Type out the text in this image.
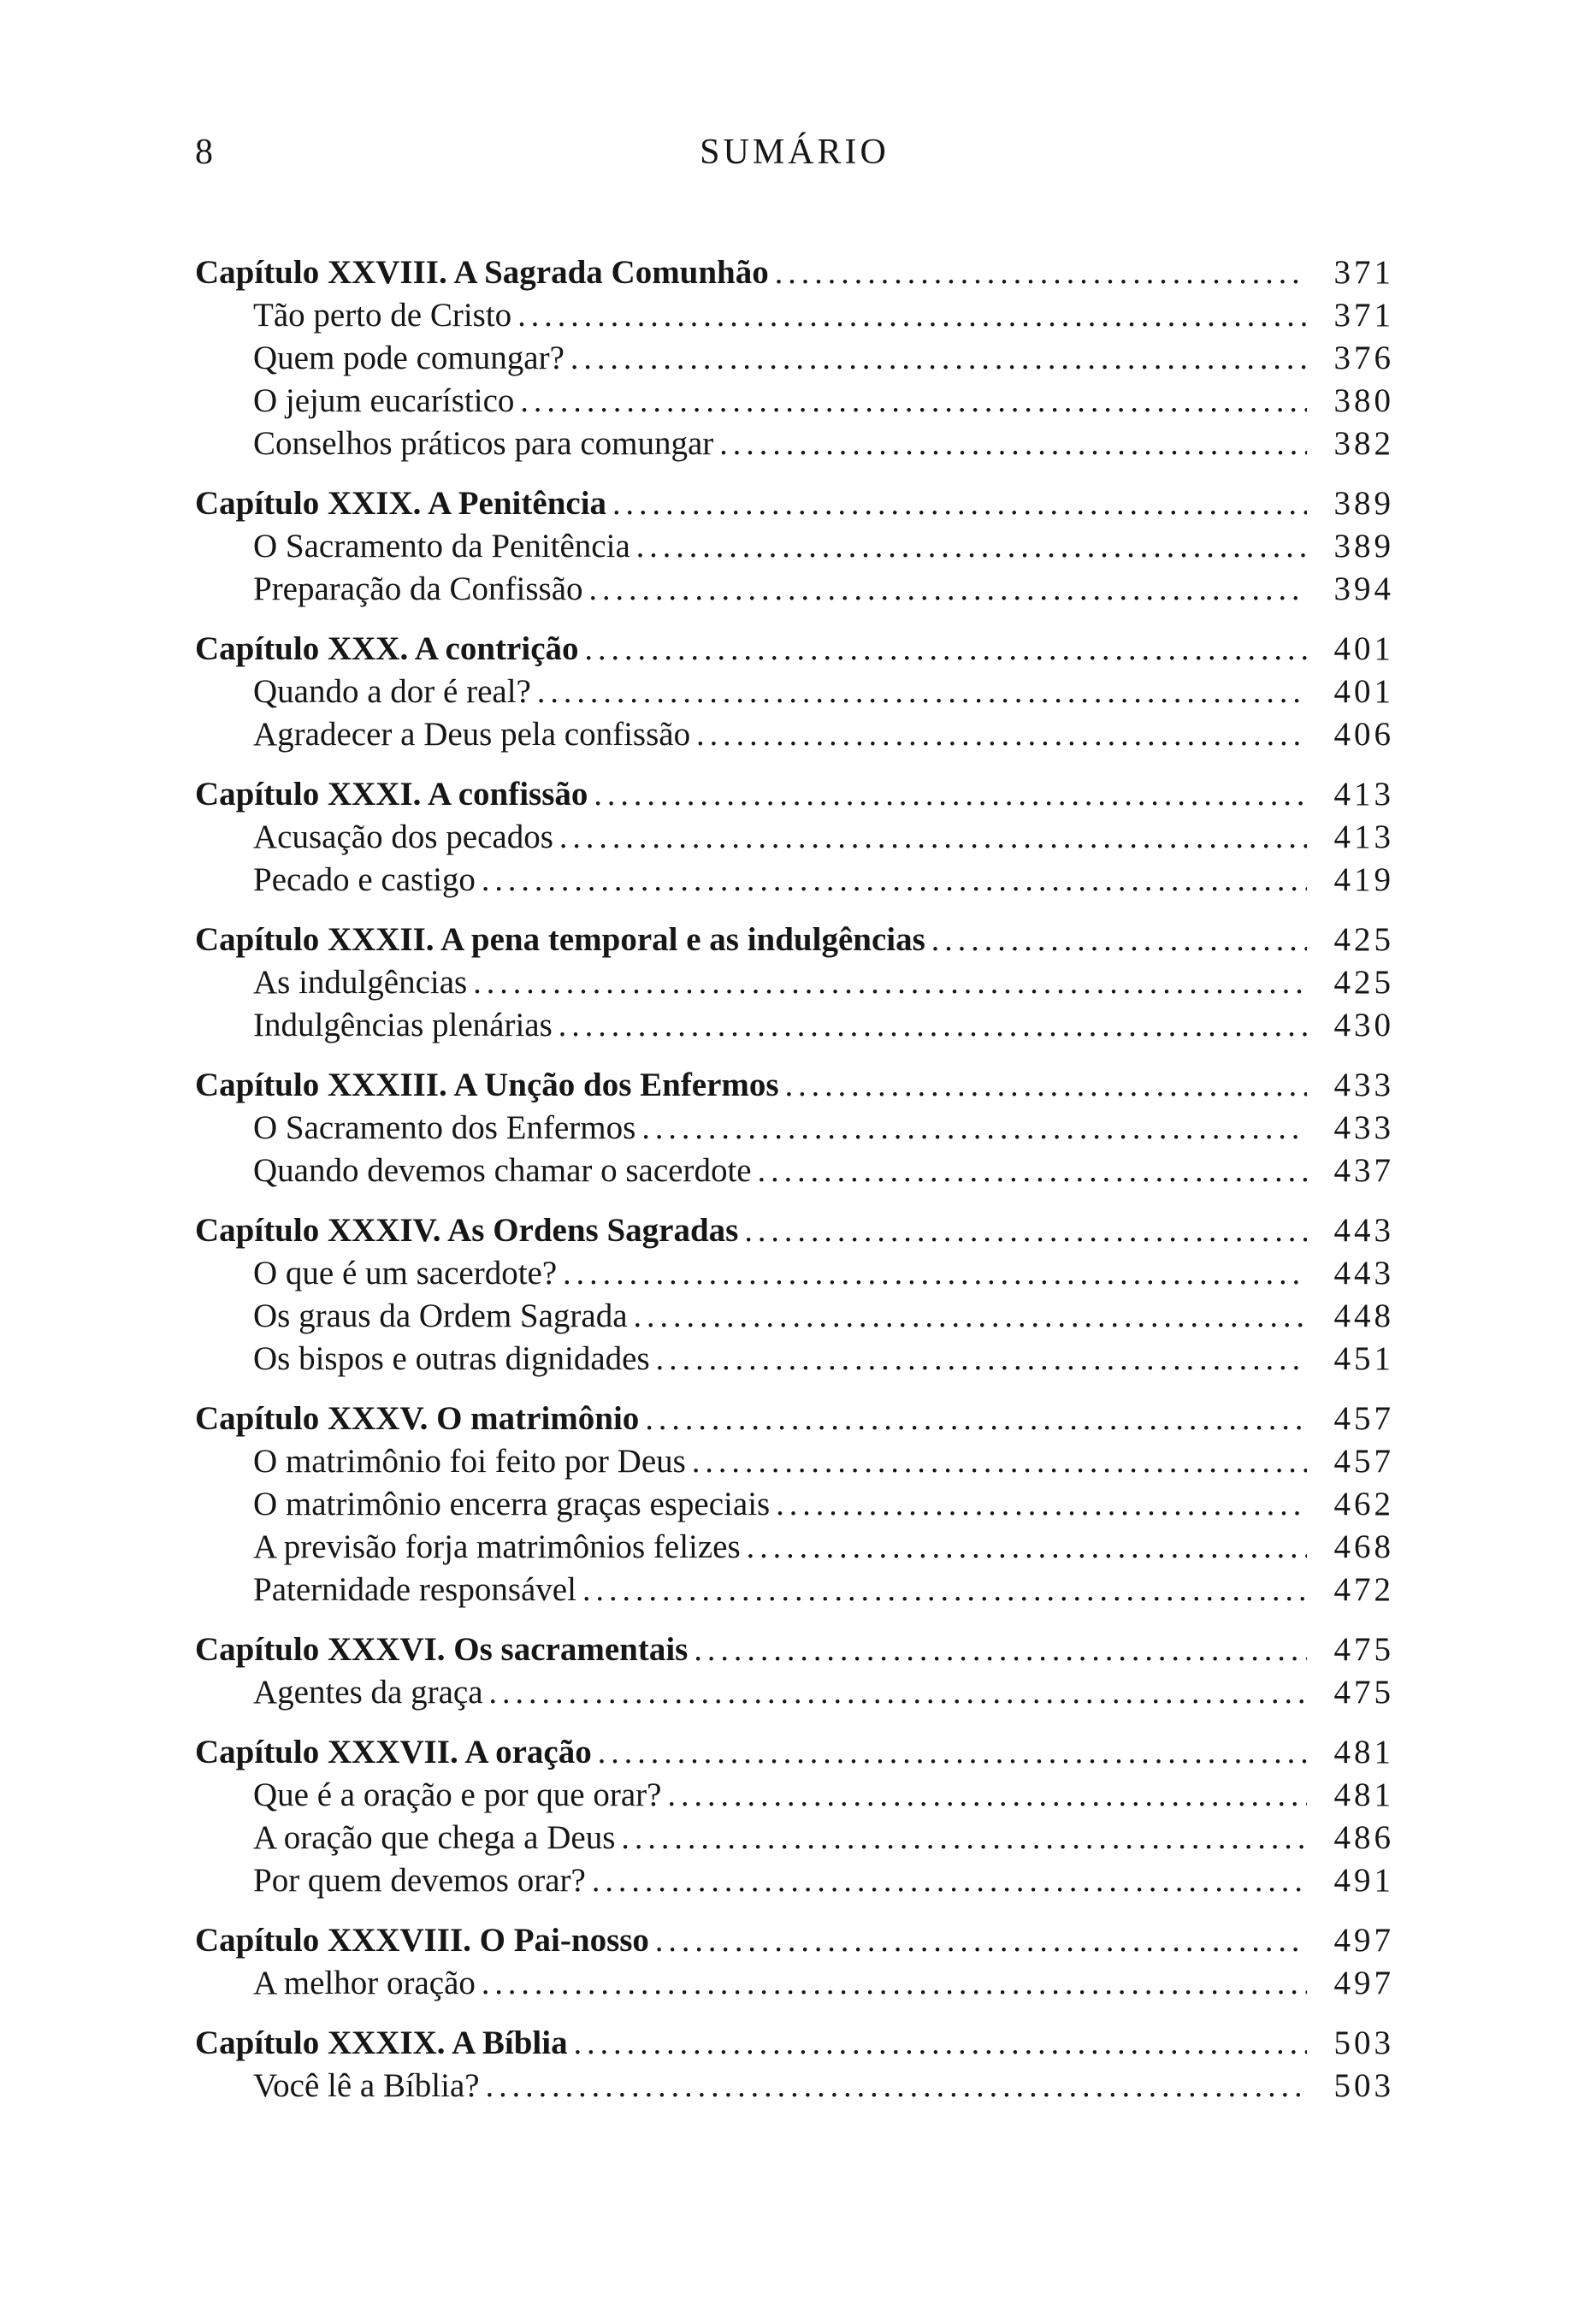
8	SUMÁRIO
Capítulo XXVIII. A Sagrada Comunhão .....	371
Tão perto de Cristo .....	371
Quem pode comungar? .....	376
O jejum eucarístico .....	380
Conselhos práticos para comungar .....	382
Capítulo XXIX. A Penitência .....	389
O Sacramento da Penitência .....	389
Preparação da Confissão .....	394
Capítulo XXX. A contrição .....	401
Quando a dor é real? .....	401
Agradecer a Deus pela confissão .....	406
Capítulo XXXI. A confissão .....	413
Acusação dos pecados .....	413
Pecado e castigo .....	419
Capítulo XXXII. A pena temporal e as indulgências .....	425
As indulgências .....	425
Indulgências plenárias .....	430
Capítulo XXXIII. A Unção dos Enfermos .....	433
O Sacramento dos Enfermos .....	433
Quando devemos chamar o sacerdote .....	437
Capítulo XXXIV. As Ordens Sagradas .....	443
O que é um sacerdote? .....	443
Os graus da Ordem Sagrada .....	448
Os bispos e outras dignidades .....	451
Capítulo XXXV. O matrimônio .....	457
O matrimônio foi feito por Deus .....	457
O matrimônio encerra graças especiais .....	462
A previsão forja matrimônios felizes .....	468
Paternidade responsável .....	472
Capítulo XXXVI. Os sacramentais .....	475
Agentes da graça .....	475
Capítulo XXXVII. A oração .....	481
Que é a oração e por que orar? .....	481
A oração que chega a Deus .....	486
Por quem devemos orar? .....	491
Capítulo XXXVIII. O Pai-nosso .....	497
A melhor oração .....	497
Capítulo XXXIX. A Bíblia .....	503
Você lê a Bíblia? .....	503
